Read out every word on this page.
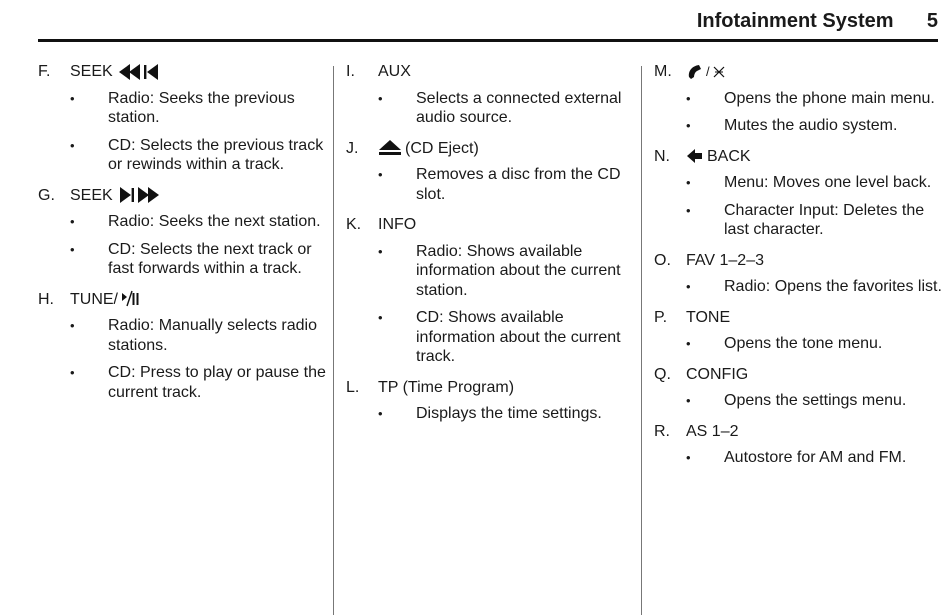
Infotainment System 5
F.	SEEK
•	Radio: Seeks the previous station.
•	CD: Selects the previous track or rewinds within a track.
G. SEEK
•	Radio: Seeks the next station.
•	CD: Selects the next track or fast forwards within a track.
H.	TUNE/
•	Radio: Manually selects radio stations.
•	CD: Press to play or pause the current track.
I.	AUX
•	Selects a connected external audio source.
J.	(CD Eject)
•	Removes a disc from the CD slot.
K.	INFO
•	Radio: Shows available information about the current station.
•	CD: Shows available information about the current track.
L.	TP (Time Program)
•	Displays the time settings.
M.	/
•	Opens the phone main menu.
•	Mutes the audio system.
N.	BACK
•	Menu: Moves one level back.
•	Character Input: Deletes the last character.
O. FAV 1–2–3
•	Radio: Opens the favorites list.
P.	TONE
•	Opens the tone menu.
Q. CONFIG
•	Opens the settings menu.
R.	AS 1–2
•	Autostore for AM and FM.
